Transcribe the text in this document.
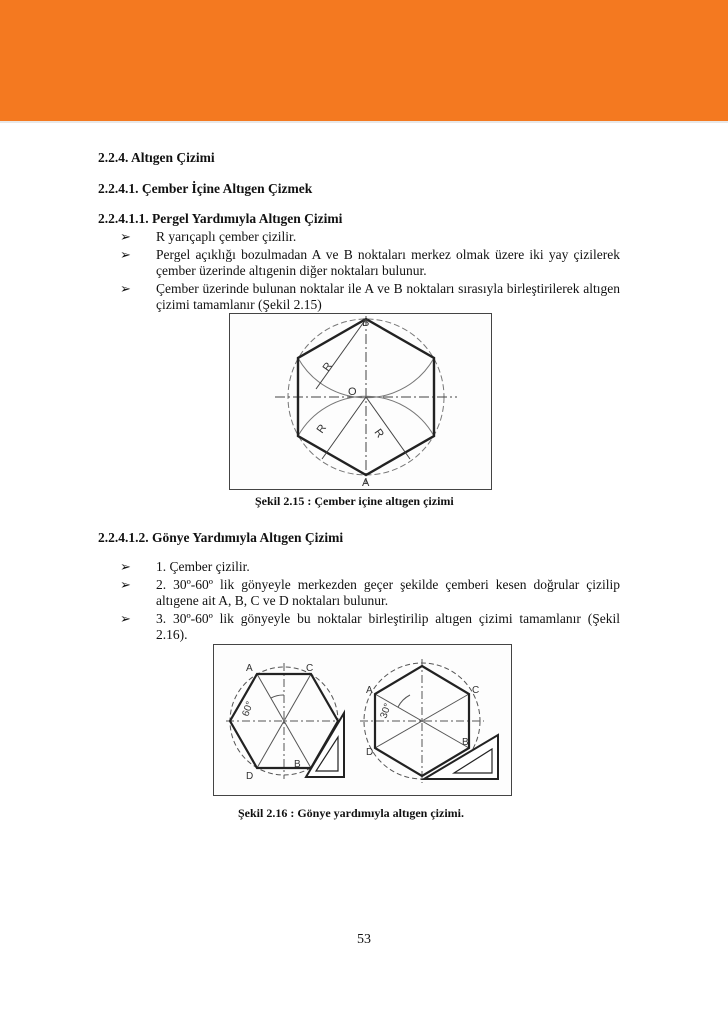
2.2.4. Altıgen Çizimi
2.2.4.1. Çember İçine Altıgen Çizmek
2.2.4.1.1. Pergel Yardımıyla Altıgen Çizimi
➢ R yarıçaplı çember çizilir.
➢ Pergel açıklığı bozulmadan A ve B noktaları merkez olmak üzere iki yay çizilerek çember üzerinde altıgenin diğer noktaları bulunur.
➢ Çember üzerinde bulunan noktalar ile A ve B noktaları sırasıyla birleştirilerek altıgen çizimi tamamlanır (Şekil 2.15)
B
A
O
R
R	R
Şekil 2.15 : Çember içine altıgen çizimi
2.2.4.1.2. Gönye Yardımıyla Altıgen Çizimi
➢ 1. Çember çizilir.
➢ 2. 30º-60º lik gönyeyle merkezden geçer şekilde çemberi kesen doğrular çizilip altıgene ait A, B, C ve D noktaları bulunur.
➢ 3. 30º-60º lik gönyeyle bu noktalar birleştirilip altıgen çizimi tamamlanır (Şekil 2.16).
A	C
D
B
60°
A	C
D
B
30°
Şekil 2.16 : Gönye yardımıyla altıgen çizimi.
53
